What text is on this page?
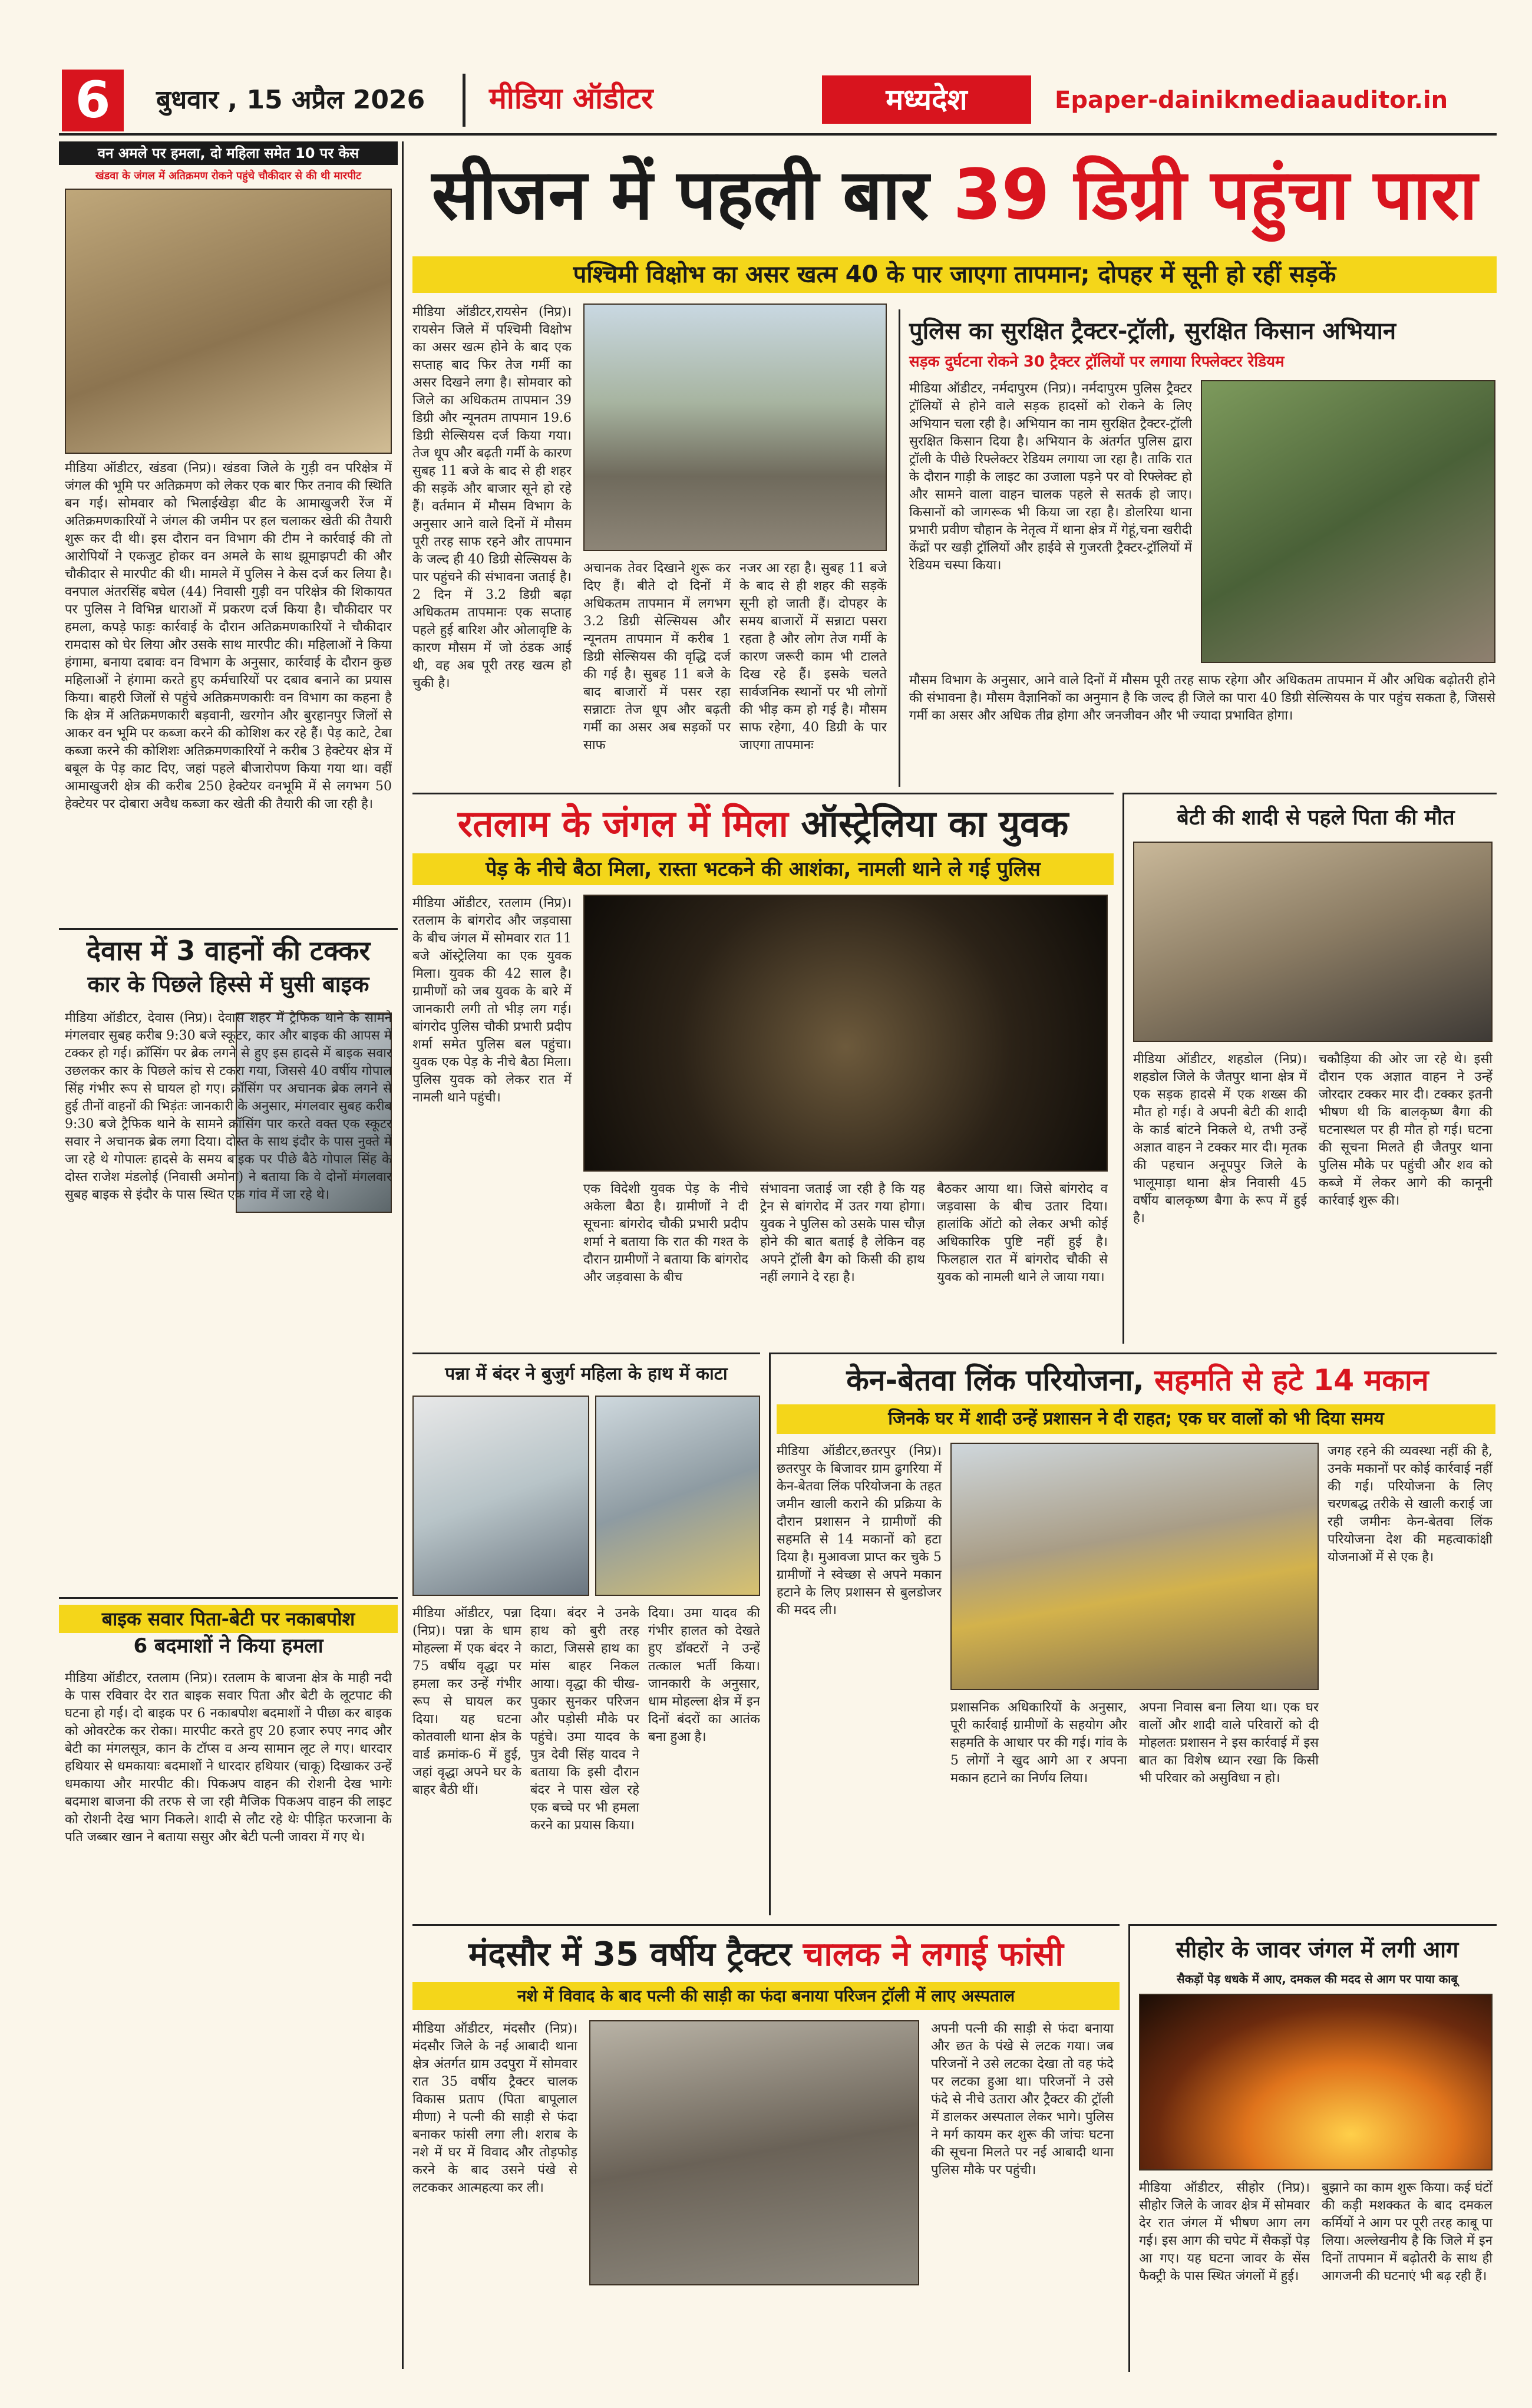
6	बुधवार , 15 अप्रैल 2026	मीडिया ऑडीटर	मध्यदेश	Epaper-dainikmediaauditor.in
वन अमले पर हमला, दो महिला समेत 10 पर केस
खंडवा के जंगल में अतिक्रमण रोकने पहुंचे चौकीदार से की थी मारपीट
मीडिया ऑडीटर, खंडवा (निप्र)। खंडवा जिले के गुड़ी वन परिक्षेत्र में जंगल की भूमि पर अतिक्रमण को लेकर एक बार फिर तनाव की स्थिति बन गई। सोमवार को भिलाईखेड़ा बीट के आमाखुजरी रेंज में अतिक्रमणकारियों ने जंगल की जमीन पर हल चलाकर खेती की तैयारी शुरू कर दी थी। इस दौरान वन विभाग की टीम ने कार्रवाई की तो आरोपियों ने एकजुट होकर वन अमले के साथ झूमाझपटी की और चौकीदार से मारपीट की थी। मामले में पुलिस ने केस दर्ज कर लिया है। वनपाल अंतरसिंह बघेल (44) निवासी गुड़ी वन परिक्षेत्र की शिकायत पर पुलिस ने विभिन्न धाराओं में प्रकरण दर्ज किया है। चौकीदार पर हमला, कपड़े फाड़ः कार्रवाई के दौरान अतिक्रमणकारियों ने चौकीदार रामदास को घेर लिया और उसके साथ मारपीट की। महिलाओं ने किया हंगामा, बनाया दबावः वन विभाग के अनुसार, कार्रवाई के दौरान कुछ महिलाओं ने हंगामा करते हुए कर्मचारियों पर दबाव बनाने का प्रयास किया। बाहरी जिलों से पहुंचे अतिक्रमणकारीः वन विभाग का कहना है कि क्षेत्र में अतिक्रमणकारी बड़वानी, खरगोन और बुरहानपुर जिलों से आकर वन भूमि पर कब्जा करने की कोशिश कर रहे हैं। पेड़ काटे, टेबा कब्जा करने की कोशिशः अतिक्रमणकारियों ने करीब 3 हेक्टेयर क्षेत्र में बबूल के पेड़ काट दिए, जहां पहले बीजारोपण किया गया था। वहीं आमाखुजरी क्षेत्र की करीब 250 हेक्टेयर वनभूमि में से लगभग 50 हेक्टेयर पर दोबारा अवैध कब्जा कर खेती की तैयारी की जा रही है।
देवास में 3 वाहनों की टक्कर
कार के पिछले हिस्से में घुसी बाइक
मीडिया ऑडीटर, देवास (निप्र)। देवास शहर में ट्रैफिक थाने के सामने मंगलवार सुबह करीब 9:30 बजे स्कूटर, कार और बाइक की आपस में टक्कर हो गई। क्रॉसिंग पर ब्रेक लगने से हुए इस हादसे में बाइक सवार उछलकर कार के पिछले कांच से टकरा गया, जिससे 40 वर्षीय गोपाल सिंह गंभीर रूप से घायल हो गए। क्रॉसिंग पर अचानक ब्रेक लगने से हुई तीनों वाहनों की भिड़ंतः जानकारी के अनुसार, मंगलवार सुबह करीब 9:30 बजे ट्रैफिक थाने के सामने क्रॉसिंग पार करते वक्त एक स्कूटर सवार ने अचानक ब्रेक लगा दिया। दोस्त के साथ इंदौर के पास नुक्ते में जा रहे थे गोपालः हादसे के समय बाइक पर पीछे बैठे गोपाल सिंह के दोस्त राजेश मंडलोई (निवासी अमोना) ने बताया कि वे दोनों मंगलवार सुबह बाइक से इंदौर के पास स्थित एक गांव में जा रहे थे।
बाइक सवार पिता-बेटी पर नकाबपोश
6 बदमाशों ने किया हमला
मीडिया ऑडीटर, रतलाम (निप्र)। रतलाम के बाजना क्षेत्र के माही नदी के पास रविवार देर रात बाइक सवार पिता और बेटी के लूटपाट की घटना हो गई। दो बाइक पर 6 नकाबपोश बदमाशों ने पीछा कर बाइक को ओवरटेक कर रोका। मारपीट करते हुए 20 हजार रुपए नगद और बेटी का मंगलसूत्र, कान के टॉप्स व अन्य सामान लूट ले गए। धारदार हथियार से धमकायाः बदमाशों ने धारदार हथियार (चाकू) दिखाकर उन्हें धमकाया और मारपीट की। पिकअप वाहन की रोशनी देख भागेः बदमाश बाजना की तरफ से जा रही मैजिक पिकअप वाहन की लाइट को रोशनी देख भाग निकले। शादी से लौट रहे थेः पीड़ित फरजाना के पति जब्बार खान ने बताया ससुर और बेटी पत्नी जावरा में गए थे।
सीजन में पहली बार 39 डिग्री पहुंचा पारा
पश्चिमी विक्षोभ का असर खत्म 40 के पार जाएगा तापमान; दोपहर में सूनी हो रहीं सड़कें
मीडिया ऑडीटर,रायसेन (निप्र)। रायसेन जिले में पश्चिमी विक्षोभ का असर खत्म होने के बाद एक सप्ताह बाद फिर तेज गर्मी का असर दिखने लगा है। सोमवार को जिले का अधिकतम तापमान 39 डिग्री और न्यूनतम तापमान 19.6 डिग्री सेल्सियस दर्ज किया गया। तेज धूप और बढ़ती गर्मी के कारण सुबह 11 बजे के बाद से ही शहर की सड़कें और बाजार सूने हो रहे हैं। वर्तमान में मौसम विभाग के अनुसार आने वाले दिनों में मौसम पूरी तरह साफ रहने और तापमान के जल्द ही 40 डिग्री सेल्सियस के पार पहुंचने की संभावना जताई है। 2 दिन में 3.2 डिग्री बढ़ा अधिकतम तापमानः एक सप्ताह पहले हुई बारिश और ओलावृष्टि के कारण मौसम में जो ठंडक आई थी, वह अब पूरी तरह खत्म हो चुकी है।
अचानक तेवर दिखाने शुरू कर दिए हैं। बीते दो दिनों में अधिकतम तापमान में लगभग 3.2 डिग्री सेल्सियस और न्यूनतम तापमान में करीब 1 डिग्री सेल्सियस की वृद्धि दर्ज की गई है। सुबह 11 बजे के बाद बाजारों में पसर रहा सन्नाटाः तेज धूप और बढ़ती गर्मी का असर अब सड़कों पर साफ
नजर आ रहा है। सुबह 11 बजे के बाद से ही शहर की सड़कें सूनी हो जाती हैं। दोपहर के समय बाजारों में सन्नाटा पसरा रहता है और लोग तेज गर्मी के कारण जरूरी काम भी टालते दिख रहे हैं। इसके चलते सार्वजनिक स्थानों पर भी लोगों की भीड़ कम हो गई है। मौसम साफ रहेगा, 40 डिग्री के पार जाएगा तापमानः
पुलिस का सुरक्षित ट्रैक्टर-ट्रॉली, सुरक्षित किसान अभियान
सड़क दुर्घटना रोकने 30 ट्रैक्टर ट्रॉलियों पर लगाया रिफ्लेक्टर रेडियम
मीडिया ऑडीटर, नर्मदापुरम (निप्र)। नर्मदापुरम पुलिस ट्रैक्टर ट्रॉलियों से होने वाले सड़क हादसों को रोकने के लिए अभियान चला रही है। अभियान का नाम सुरक्षित ट्रैक्टर-ट्रॉली सुरक्षित किसान दिया है। अभियान के अंतर्गत पुलिस द्वारा ट्रॉली के पीछे रिफ्लेक्टर रेडियम लगाया जा रहा है। ताकि रात के दौरान गाड़ी के लाइट का उजाला पड़ने पर वो रिफ्लेक्ट हो और सामने वाला वाहन चालक पहले से सतर्क हो जाए। किसानों को जागरूक भी किया जा रहा है। डोलरिया थाना प्रभारी प्रवीण चौहान के नेतृत्व में थाना क्षेत्र में गेहूं,चना खरीदी केंद्रों पर खड़ी ट्रॉलियों और हाईवे से गुजरती ट्रैक्टर-ट्रॉलियों में रेडियम चस्पा किया।
मौसम विभाग के अनुसार, आने वाले दिनों में मौसम पूरी तरह साफ रहेगा और अधिकतम तापमान में और अधिक बढ़ोतरी होने की संभावना है। मौसम वैज्ञानिकों का अनुमान है कि जल्द ही जिले का पारा 40 डिग्री सेल्सियस के पार पहुंच सकता है, जिससे गर्मी का असर और अधिक तीव्र होगा और जनजीवन और भी ज्यादा प्रभावित होगा।
रतलाम के जंगल में मिला ऑस्ट्रेलिया का युवक
पेड़ के नीचे बैठा मिला, रास्ता भटकने की आशंका, नामली थाने ले गई पुलिस
मीडिया ऑडीटर, रतलाम (निप्र)। रतलाम के बांगरोद और जड़वासा के बीच जंगल में सोमवार रात 11 बजे ऑस्ट्रेलिया का एक युवक मिला। युवक की 42 साल है। ग्रामीणों को जब युवक के बारे में जानकारी लगी तो भीड़ लग गई। बांगरोद पुलिस चौकी प्रभारी प्रदीप शर्मा समेत पुलिस बल पहुंचा। युवक एक पेड़ के नीचे बैठा मिला। पुलिस युवक को लेकर रात में नामली थाने पहुंची।
एक विदेशी युवक पेड़ के नीचे अकेला बैठा है। ग्रामीणों ने दी सूचनाः बांगरोद चौकी प्रभारी प्रदीप शर्मा ने बताया कि रात की गश्त के दौरान ग्रामीणों ने बताया कि बांगरोद और जड़वासा के बीच
संभावना जताई जा रही है कि यह ट्रेन से बांगरोद में उतर गया होगा। युवक ने पुलिस को उसके पास चौज़ होने की बात बताई है लेकिन वह अपने ट्रॉली बैग को किसी की हाथ नहीं लगाने दे रहा है।
बैठकर आया था। जिसे बांगरोद व जड़वासा के बीच उतार दिया। हालांकि ऑटो को लेकर अभी कोई अधिकारिक पुष्टि नहीं हुई है। फिलहाल रात में बांगरोद चौकी से युवक को नामली थाने ले जाया गया।
बेटी की शादी से पहले पिता की मौत
मीडिया ऑडीटर, शहडोल (निप्र)। शहडोल जिले के जैतपुर थाना क्षेत्र में एक सड़क हादसे में एक शख्स की मौत हो गई। वे अपनी बेटी की शादी के कार्ड बांटने निकले थे, तभी उन्हें अज्ञात वाहन ने टक्कर मार दी। मृतक की पहचान अनूपपुर जिले के भालूमाड़ा थाना क्षेत्र निवासी 45 वर्षीय बालकृष्ण बैगा के रूप में हुई है।
चकौड़िया की ओर जा रहे थे। इसी दौरान एक अज्ञात वाहन ने उन्हें जोरदार टक्कर मार दी। टक्कर इतनी भीषण थी कि बालकृष्ण बैगा की घटनास्थल पर ही मौत हो गई। घटना की सूचना मिलते ही जैतपुर थाना पुलिस मौके पर पहुंची और शव को कब्जे में लेकर आगे की कानूनी कार्रवाई शुरू की।
पन्ना में बंदर ने बुजुर्ग महिला के हाथ में काटा
मीडिया ऑडीटर, पन्ना (निप्र)। पन्ना के धाम मोहल्ला में एक बंदर ने 75 वर्षीय वृद्धा पर हमला कर उन्हें गंभीर रूप से घायल कर दिया। यह घटना कोतवाली थाना क्षेत्र के वार्ड क्रमांक-6 में हुई, जहां वृद्धा अपने घर के बाहर बैठी थीं।
दिया। बंदर ने उनके हाथ को बुरी तरह काटा, जिससे हाथ का मांस बाहर निकल आया। वृद्धा की चीख-पुकार सुनकर परिजन और पड़ोसी मौके पर पहुंचे। उमा यादव के पुत्र देवी सिंह यादव ने बताया कि इसी दौरान बंदर ने पास खेल रहे एक बच्चे पर भी हमला करने का प्रयास किया।
दिया। उमा यादव की गंभीर हालत को देखते हुए डॉक्टरों ने उन्हें तत्काल भर्ती किया। जानकारी के अनुसार, धाम मोहल्ला क्षेत्र में इन दिनों बंदरों का आतंक बना हुआ है।
केन-बेतवा लिंक परियोजना, सहमति से हटे 14 मकान
जिनके घर में शादी उन्हें प्रशासन ने दी राहत; एक घर वालों को भी दिया समय
मीडिया ऑडीटर,छतरपुर (निप्र)। छतरपुर के बिजावर ग्राम ढुगरिया में केन-बेतवा लिंक परियोजना के तहत जमीन खाली कराने की प्रक्रिया के दौरान प्रशासन ने ग्रामीणों की सहमति से 14 मकानों को हटा दिया है। मुआवजा प्राप्त कर चुके 5 ग्रामीणों ने स्वेच्छा से अपने मकान हटाने के लिए प्रशासन से बुलडोजर की मदद ली।
प्रशासनिक अधिकारियों के अनुसार, पूरी कार्रवाई ग्रामीणों के सहयोग और सहमति के आधार पर की गई। गांव के 5 लोगों ने खुद आगे आ र अपना मकान हटाने का निर्णय लिया।
अपना निवास बना लिया था। एक घर वालों और शादी वाले परिवारों को दी मोहलतः प्रशासन ने इस कार्रवाई में इस बात का विशेष ध्यान रखा कि किसी भी परिवार को असुविधा न हो।
जगह रहने की व्यवस्था नहीं की है, उनके मकानों पर कोई कार्रवाई नहीं की गई। परियोजना के लिए चरणबद्ध तरीके से खाली कराई जा रही जमीनः केन-बेतवा लिंक परियोजना देश की महत्वाकांक्षी योजनाओं में से एक है।
मंदसौर में 35 वर्षीय ट्रैक्टर चालक ने लगाई फांसी
नशे में विवाद के बाद पत्नी की साड़ी का फंदा बनाया परिजन ट्रॉली में लाए अस्पताल
मीडिया ऑडीटर, मंदसौर (निप्र)। मंदसौर जिले के नई आबादी थाना क्षेत्र अंतर्गत ग्राम उदपुरा में सोमवार रात 35 वर्षीय ट्रैक्टर चालक विकास प्रताप (पिता बापूलाल मीणा) ने पत्नी की साड़ी से फंदा बनाकर फांसी लगा ली। शराब के नशे में घर में विवाद और तोड़फोड़ करने के बाद उसने पंखे से लटककर आत्महत्या कर ली।
अपनी पत्नी की साड़ी से फंदा बनाया और छत के पंखे से लटक गया। जब परिजनों ने उसे लटका देखा तो वह फंदे पर लटका हुआ था। परिजनों ने उसे फंदे से नीचे उतारा और ट्रैक्टर की ट्रॉली में डालकर अस्पताल लेकर भागे। पुलिस ने मर्ग कायम कर शुरू की जांचः घटना की सूचना मिलते पर नई आबादी थाना पुलिस मौके पर पहुंची।
सीहोर के जावर जंगल में लगी आग
सैकड़ों पेड़ धधके में आए, दमकल की मदद से आग पर पाया काबू
मीडिया ऑडीटर, सीहोर (निप्र)। सीहोर जिले के जावर क्षेत्र में सोमवार देर रात जंगल में भीषण आग लग गई। इस आग की चपेट में सैकड़ों पेड़ आ गए। यह घटना जावर के सेंस फैक्ट्री के पास स्थित जंगलों में हुई।
बुझाने का काम शुरू किया। कई घंटों की कड़ी मशक्कत के बाद दमकल कर्मियों ने आग पर पूरी तरह काबू पा लिया। अल्लेखनीय है कि जिले में इन दिनों तापमान में बढ़ोतरी के साथ ही आगजनी की घटनाएं भी बढ़ रही हैं।
